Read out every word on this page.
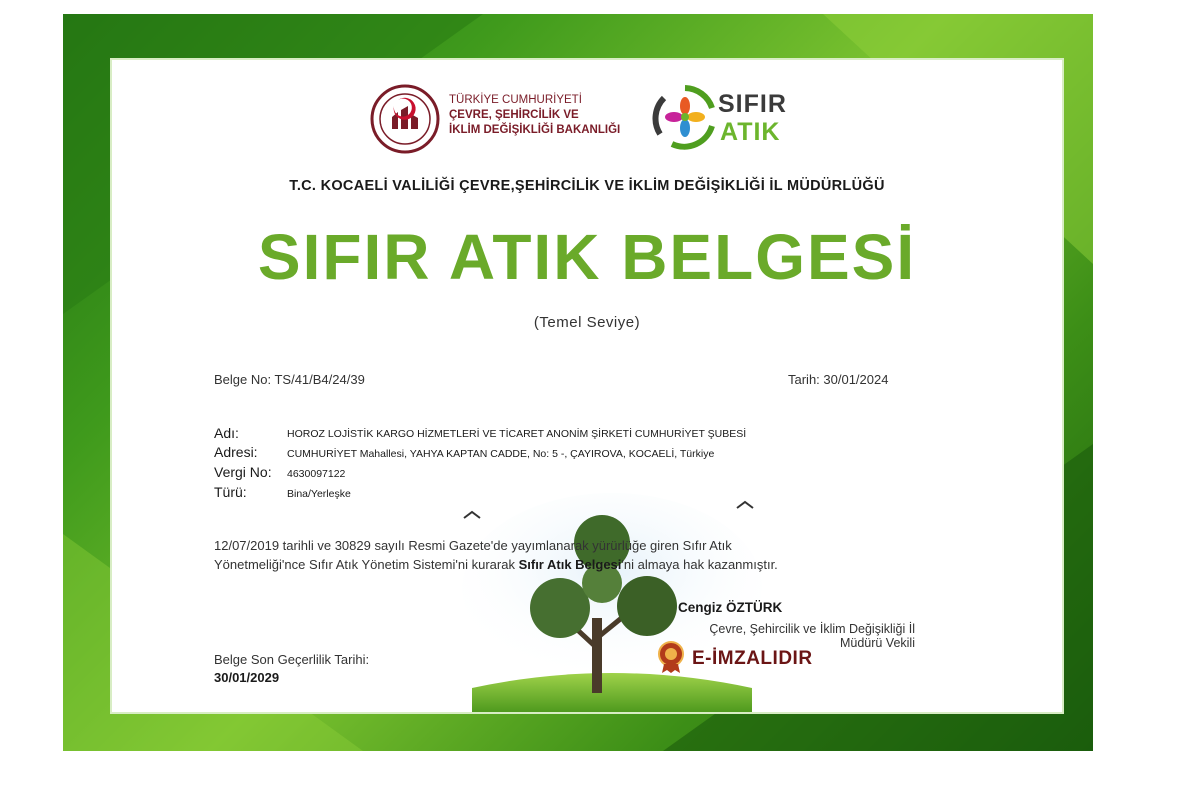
TÜRKİYE CUMHURİYETİ
ÇEVRE, ŞEHİRCİLİK VE
İKLİM DEĞİŞİKLİĞİ BAKANLIĞI
SIFIR
ATIK
T.C. KOCAELİ VALİLİĞİ ÇEVRE,ŞEHİRCİLİK VE İKLİM DEĞİŞİKLİĞİ İL MÜDÜRLÜĞÜ
SIFIR ATIK BELGESİ
(Temel Seviye)
Belge No: TS/41/B4/24/39	Tarih: 30/01/2024
Adı:	HOROZ LOJİSTİK KARGO HİZMETLERİ VE TİCARET ANONİM ŞİRKETİ CUMHURİYET ŞUBESİ
Adresi:	CUMHURİYET Mahallesi, YAHYA KAPTAN CADDE, No: 5 -, ÇAYIROVA, KOCAELİ, Türkiye
Vergi No: 4630097122
Türü:	Bina/Yerleşke
12/07/2019 tarihli ve 30829 sayılı Resmi Gazete'de yayımlanarak yürürlüğe giren Sıfır Atık
Yönetmeliği'nce Sıfır Atık Yönetim Sistemi'ni kurarak Sıfır Atık Belgesi'ni almaya hak kazanmıştır.
Cengiz ÖZTÜRK
Çevre, Şehircilik ve İklim Değişikliği İl Müdürü Vekili
E-İMZALIDIR
Belge Son Geçerlilik Tarihi:
30/01/2029
